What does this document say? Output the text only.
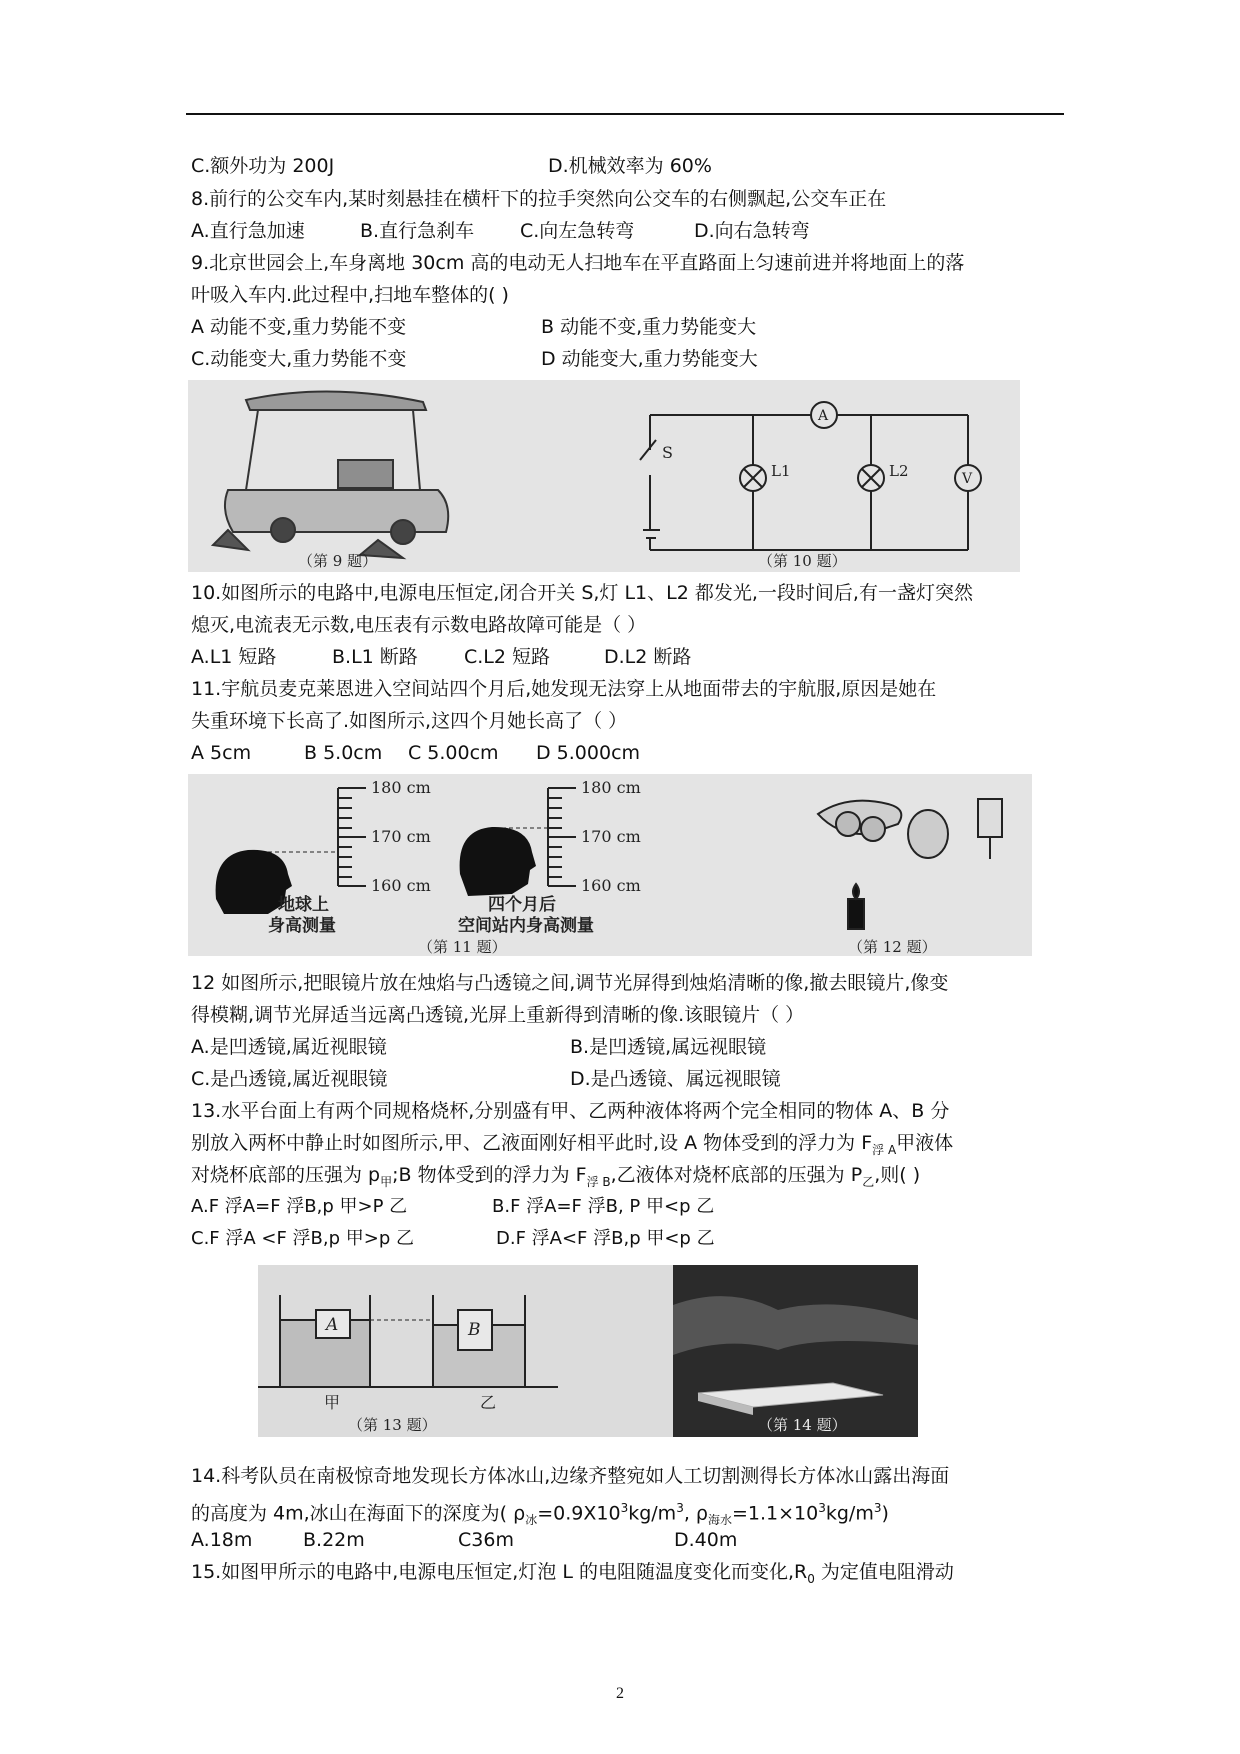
C.额外功为 200J	D.机械效率为 60%
8.前行的公交车内,某时刻悬挂在横杆下的拉手突然向公交车的右侧飘起,公交车正在
A.直行急加速	B.直行急刹车 C.向左急转弯	D.向右急转弯
9.北京世园会上,车身离地 30cm 高的电动无人扫地车在平直路面上匀速前进并将地面上的落
叶吸入车内.此过程中,扫地车整体的( )
A 动能不变,重力势能不变	B 动能不变,重力势能变大
C.动能变大,重力势能不变	D 动能变大,重力势能变大
（第 9 题）
S
L1	L2
A
V
（第 10 题）
10.如图所示的电路中,电源电压恒定,闭合开关 S,灯 L1、L2 都发光,一段时间后,有一盏灯突然
熄灭,电流表无示数,电压表有示数电路故障可能是（ ）
A.L1 短路	B.L1 断路 C.L2 短路	D.L2 断路
11.宇航员麦克莱恩进入空间站四个月后,她发现无法穿上从地面带去的宇航服,原因是她在
失重环境下长高了.如图所示,这四个月她长高了（ ）
A 5cm	B 5.0cm C 5.00cm D 5.000cm
180 cm
170 cm
160 cm
地球上
身高测量
180 cm
170 cm
160 cm
四个月后
空间站内身高测量
（第 11 题）	（第 12 题）
12 如图所示,把眼镜片放在烛焰与凸透镜之间,调节光屏得到烛焰清晰的像,撤去眼镜片,像变
得模糊,调节光屏适当远离凸透镜,光屏上重新得到清晰的像.该眼镜片（ ）
A.是凹透镜,属近视眼镜	B.是凹透镜,属远视眼镜
C.是凸透镜,属近视眼镜	D.是凸透镜、属远视眼镜
13.水平台面上有两个同规格烧杯,分别盛有甲、乙两种液体将两个完全相同的物体 A、B 分
别放入两杯中静止时如图所示,甲、乙液面刚好相平此时,设 A 物体受到的浮力为 $F_{浮 A}$甲液体
对烧杯底部的压强为 $p_甲;B$ 物体受到的浮力为 $F_{浮 B}$,乙液体对烧杯底部的压强为 $P_乙$,则( )
A.F 浮A=F 浮B,p 甲>P 乙	B.F 浮A=F 浮B, P 甲<p 乙
C.F 浮A <F 浮B,p 甲>p 乙	D.F 浮A<F 浮B,p 甲<p 乙
A	B
甲	乙
（第 13 题）	（第 14 题）
14.科考队员在南极惊奇地发现长方体冰山,边缘齐整宛如人工切割测得长方体冰山露出海面
的高度为 4m,冰山在海面下的深度为( $\rho_冰=0.9X10^3kg/m^3$, $\rho_{海水}=1.1\times 10^3kg/m^3$)
A.18m	B.22m	C36m	D.40m
15.如图甲所示的电路中,电源电压恒定,灯泡 L 的电阻随温度变化而变化$,R_0$ 为定值电阻滑动
2
